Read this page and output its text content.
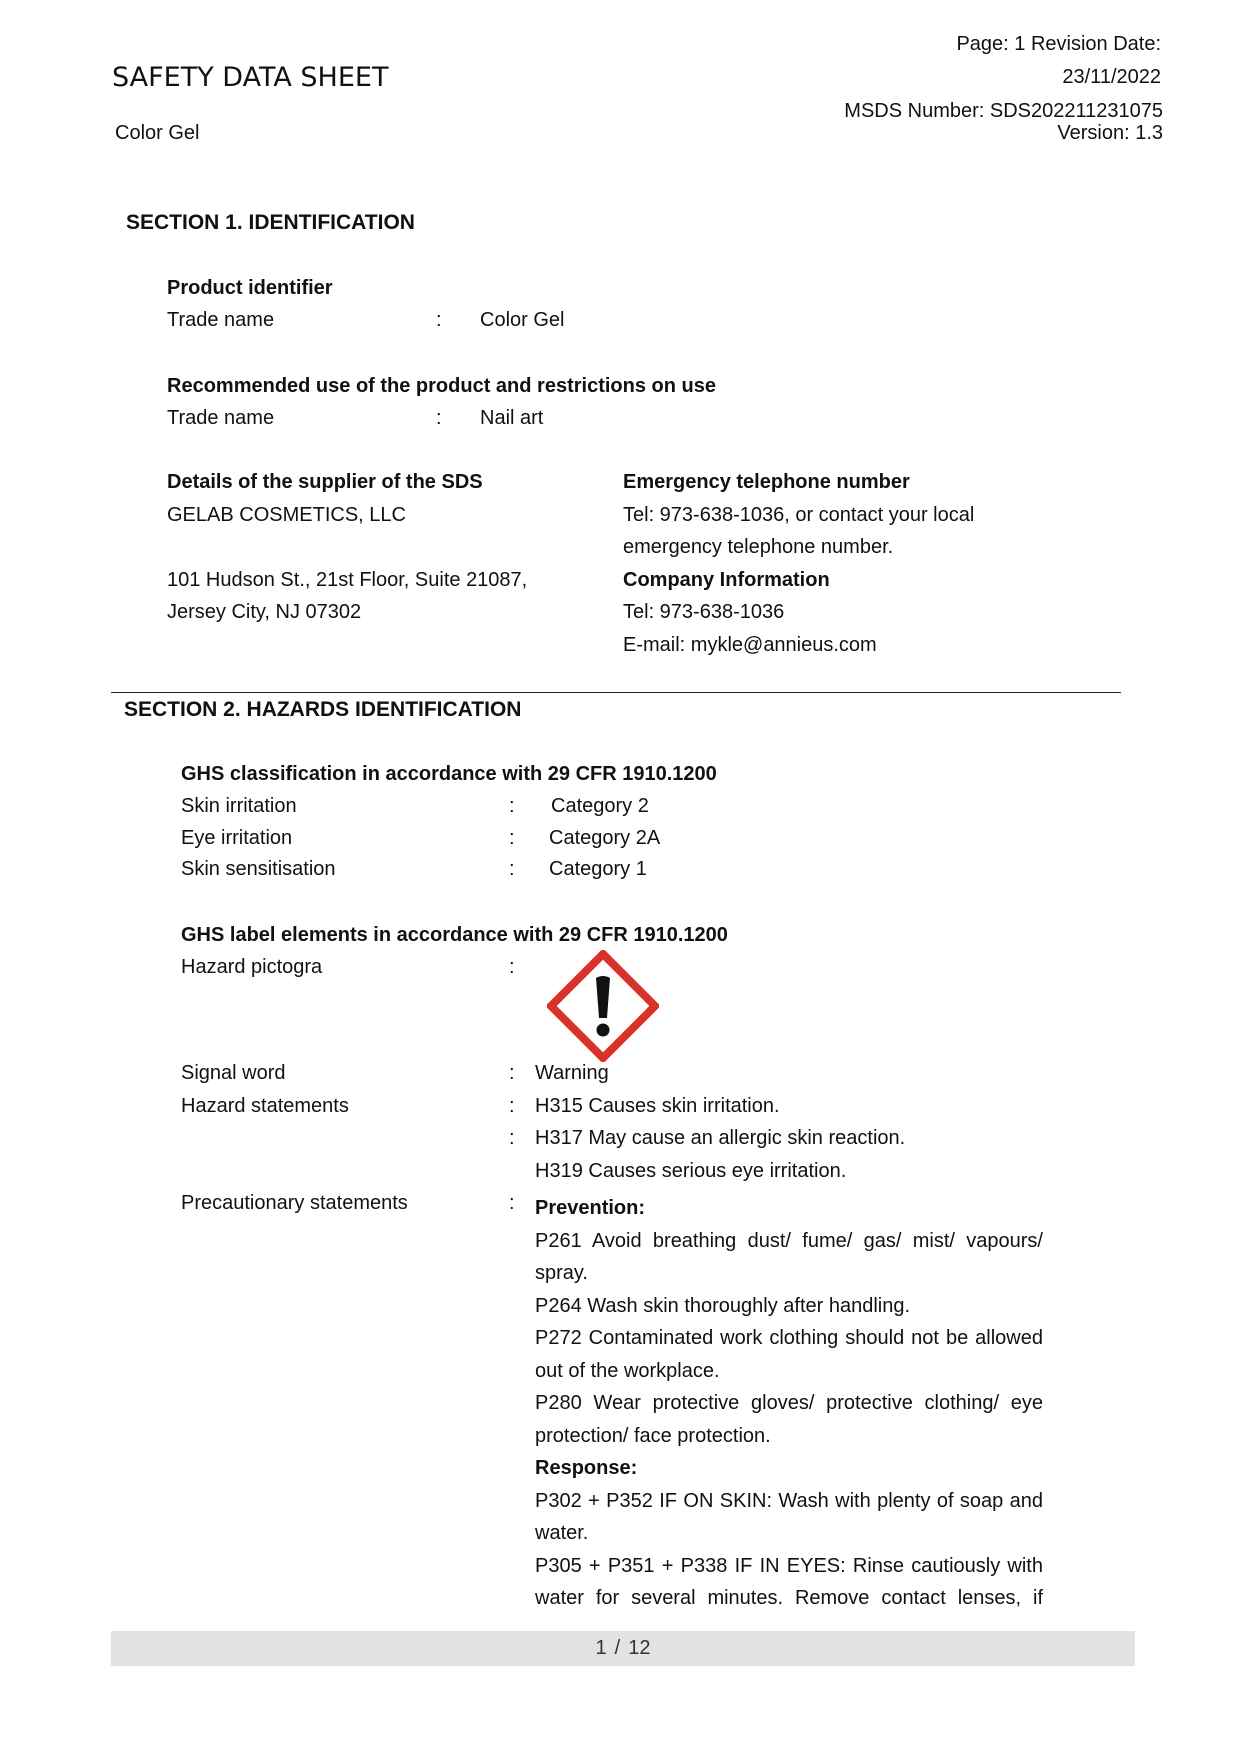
SAFETY DATA SHEET
Color Gel
Page: 1 Revision Date:
23/11/2022
MSDS Number: SDS202211231075
Version: 1.3
SECTION 1. IDENTIFICATION
Product identifier
Trade name	: Color Gel
Recommended use of the product and restrictions on use
Trade name	: Nail art
Details of the supplier of the SDS
GELAB COSMETICS, LLC
101 Hudson St., 21st Floor, Suite 21087,
Jersey City, NJ 07302
Emergency telephone number
Tel: 973-638-1036, or contact your local
emergency telephone number.
Company Information
Tel: 973-638-1036
E-mail: mykle@annieus.com
SECTION 2. HAZARDS IDENTIFICATION
GHS classification in accordance with 29 CFR 1910.1200
Skin irritation	: Category 2
Eye irritation	: Category 2A
Skin sensitisation	: Category 1
GHS label elements in accordance with 29 CFR 1910.1200
Hazard pictogra	:
Signal word	: Warning
Hazard statements	: H315 Causes skin irritation.
: H317 May cause an allergic skin reaction.
H319 Causes serious eye irritation.
Precautionary statements	: Prevention:
P261 Avoid breathing dust/ fume/ gas/ mist/ vapours/ spray.
P264 Wash skin thoroughly after handling.
P272 Contaminated work clothing should not be allowed out of the workplace.
P280 Wear protective gloves/ protective clothing/ eye protection/ face protection.
Response:
P302 + P352 IF ON SKIN: Wash with plenty of soap and water.
P305 + P351 + P338 IF IN EYES: Rinse cautiously with water for several minutes. Remove contact lenses, if
1 / 12
